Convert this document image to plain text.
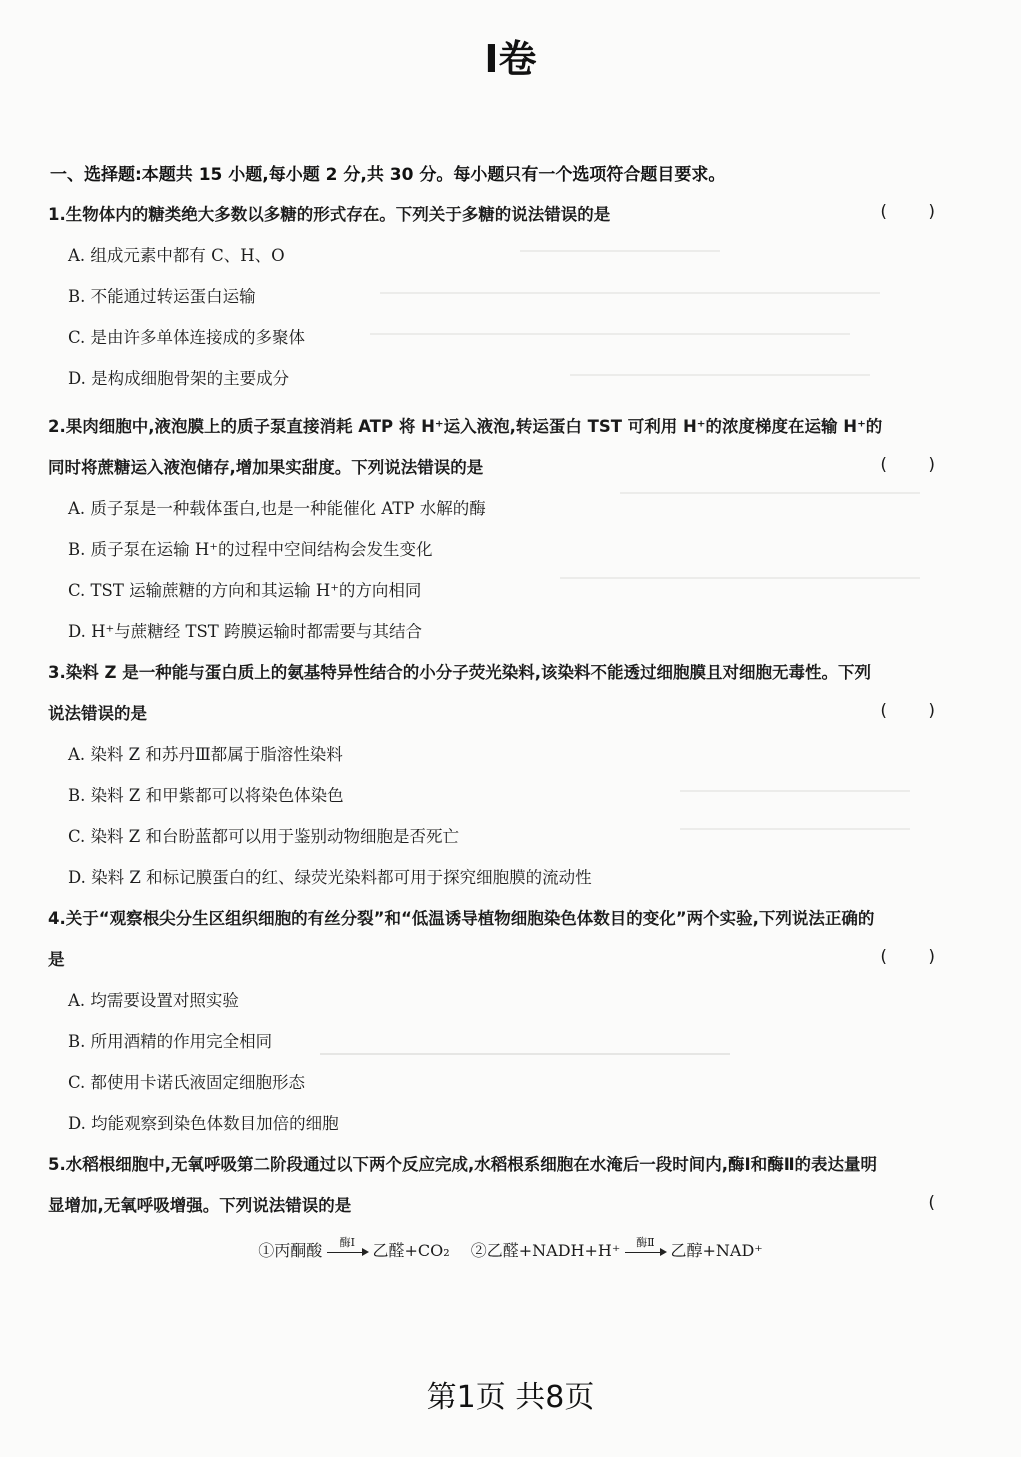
I卷
一、选择题:本题共 15 小题,每小题 2 分,共 30 分。每小题只有一个选项符合题目要求。
1.生物体内的糖类绝大多数以多糖的形式存在。下列关于多糖的说法错误的是	( )
A. 组成元素中都有 C、H、O
B. 不能通过转运蛋白运输
C. 是由许多单体连接成的多聚体
D. 是构成细胞骨架的主要成分
2.果肉细胞中,液泡膜上的质子泵直接消耗 ATP 将 H⁺运入液泡,转运蛋白 TST 可利用 H⁺的浓度梯度在运输 H⁺的同时将蔗糖运入液泡储存,增加果实甜度。下列说法错误的是	( )
A. 质子泵是一种载体蛋白,也是一种能催化 ATP 水解的酶
B. 质子泵在运输 H⁺的过程中空间结构会发生变化
C. TST 运输蔗糖的方向和其运输 H⁺的方向相同
D. H⁺与蔗糖经 TST 跨膜运输时都需要与其结合
3.染料 Z 是一种能与蛋白质上的氨基特异性结合的小分子荧光染料,该染料不能透过细胞膜且对细胞无毒性。下列说法错误的是	( )
A. 染料 Z 和苏丹Ⅲ都属于脂溶性染料
B. 染料 Z 和甲紫都可以将染色体染色
C. 染料 Z 和台盼蓝都可以用于鉴别动物细胞是否死亡
D. 染料 Z 和标记膜蛋白的红、绿荧光染料都可用于探究细胞膜的流动性
4.关于“观察根尖分生区组织细胞的有丝分裂”和“低温诱导植物细胞染色体数目的变化”两个实验,下列说法正确的是	( )
A. 均需要设置对照实验
B. 所用酒精的作用完全相同
C. 都使用卡诺氏液固定细胞形态
D. 均能观察到染色体数目加倍的细胞
5.水稻根细胞中,无氧呼吸第二阶段通过以下两个反应完成,水稻根系细胞在水淹后一段时间内,酶Ⅰ和酶Ⅱ的表达量明显增加,无氧呼吸增强。下列说法错误的是	(
①丙酮酸	酶Ⅰ	乙醛+CO₂ ②乙醛+NADH+H⁺	酶Ⅱ 乙醇+NAD⁺
第1页 共8页
